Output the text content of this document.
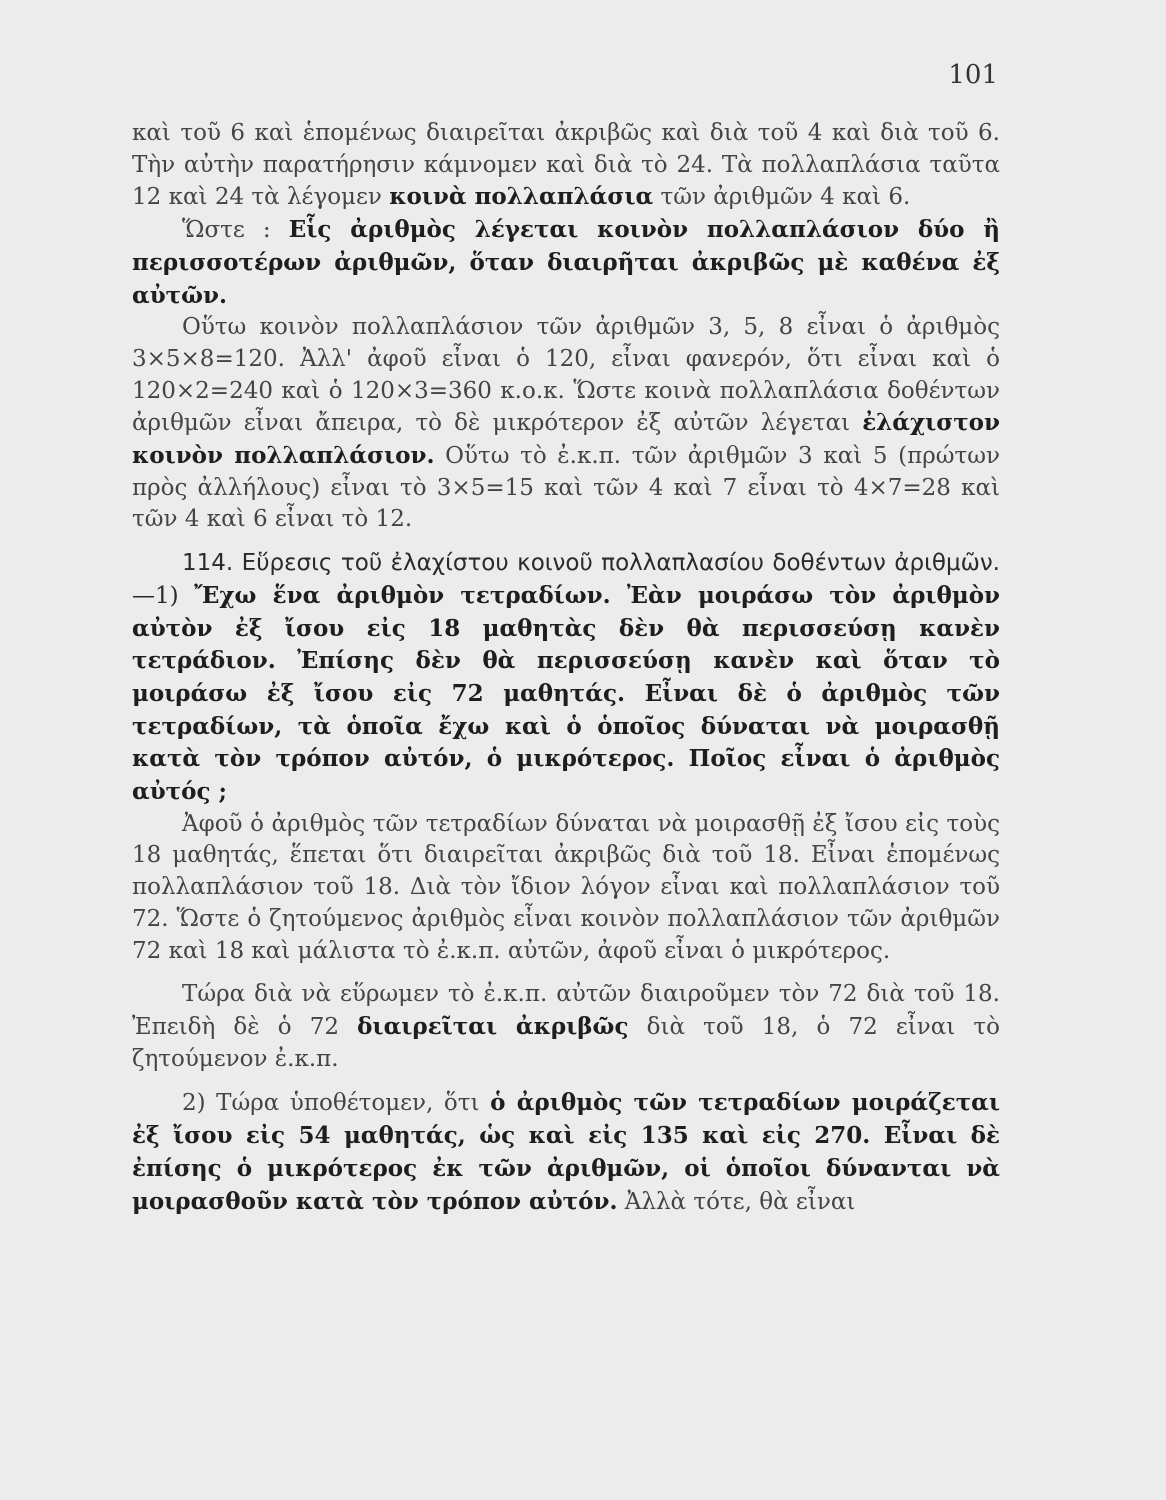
101

καὶ τοῦ 6 καὶ ἑπομένως διαιρεῖται ἀκριβῶς καὶ διὰ τοῦ 4 καὶ διὰ τοῦ 6. Τὴν αὐτὴν παρατήρησιν κάμνομεν καὶ διὰ τὸ 24. Τὰ πολλαπλάσια ταῦτα 12 καὶ 24 τὰ λέγομεν κοινὰ πολλαπλάσια τῶν ἀριθμῶν 4 καὶ 6.

Ὥστε : Εἷς ἀριθμὸς λέγεται κοινὸν πολλαπλάσιον δύο ἢ περισσοτέρων ἀριθμῶν, ὅταν διαιρῆται ἀκριβῶς μὲ καθένα ἐξ αὐτῶν.

Οὕτω κοινὸν πολλαπλάσιον τῶν ἀριθμῶν 3, 5, 8 εἶναι ὁ ἀριθμὸς 3×5×8=120. Ἀλλ' ἀφοῦ εἶναι ὁ 120, εἶναι φανερόν, ὅτι εἶναι καὶ ὁ 120×2=240 καὶ ὁ 120×3=360 κ.ο.κ. Ὥστε κοινὰ πολλαπλάσια δοθέντων ἀριθμῶν εἶναι ἄπειρα, τὸ δὲ μικρότερον ἐξ αὐτῶν λέγεται ἐλάχιστον κοινὸν πολλαπλάσιον. Οὕτω τὸ ἐ.κ.π. τῶν ἀριθμῶν 3 καὶ 5 (πρώτων πρὸς ἀλλήλους) εἶναι τὸ 3×5=15 καὶ τῶν 4 καὶ 7 εἶναι τὸ 4×7=28 καὶ τῶν 4 καὶ 6 εἶναι τὸ 12.

114. Εὕρεσις τοῦ ἐλαχίστου κοινοῦ πολλαπλασίου δοθέντων ἀριθμῶν.—1) Ἔχω ἕνα ἀριθμὸν τετραδίων. Ἐὰν μοιράσω τὸν ἀριθμὸν αὐτὸν ἐξ ἴσου εἰς 18 μαθητὰς δὲν θὰ περισσεύσῃ κανὲν τετράδιον. Ἐπίσης δὲν θὰ περισσεύσῃ κανὲν καὶ ὅταν τὸ μοιράσω ἐξ ἴσου εἰς 72 μαθητάς. Εἶναι δὲ ὁ ἀριθμὸς τῶν τετραδίων, τὰ ὁποῖα ἔχω καὶ ὁ ὁποῖος δύναται νὰ μοιρασθῇ κατὰ τὸν τρόπον αὐτόν, ὁ μικρότερος. Ποῖος εἶναι ὁ ἀριθμὸς αὐτός ;

Ἀφοῦ ὁ ἀριθμὸς τῶν τετραδίων δύναται νὰ μοιρασθῇ ἐξ ἴσου εἰς τοὺς 18 μαθητάς, ἕπεται ὅτι διαιρεῖται ἀκριβῶς διὰ τοῦ 18. Εἶναι ἑπομένως πολλαπλάσιον τοῦ 18. Διὰ τὸν ἴδιον λόγον εἶναι καὶ πολλαπλάσιον τοῦ 72. Ὥστε ὁ ζητούμενος ἀριθμὸς εἶναι κοινὸν πολλαπλάσιον τῶν ἀριθμῶν 72 καὶ 18 καὶ μάλιστα τὸ ἐ.κ.π. αὐτῶν, ἀφοῦ εἶναι ὁ μικρότερος.

Τώρα διὰ νὰ εὕρωμεν τὸ ἐ.κ.π. αὐτῶν διαιροῦμεν τὸν 72 διὰ τοῦ 18. Ἐπειδὴ δὲ ὁ 72 διαιρεῖται ἀκριβῶς διὰ τοῦ 18, ὁ 72 εἶναι τὸ ζητούμενον ἐ.κ.π.

2) Τώρα ὑποθέτομεν, ὅτι ὁ ἀριθμὸς τῶν τετραδίων μοιράζεται ἐξ ἴσου εἰς 54 μαθητάς, ὡς καὶ εἰς 135 καὶ εἰς 270. Εἶναι δὲ ἐπίσης ὁ μικρότερος ἐκ τῶν ἀριθμῶν, οἱ ὁποῖοι δύνανται νὰ μοιρασθοῦν κατὰ τὸν τρόπον αὐτόν. Ἀλλὰ τότε, θὰ εἶναι
